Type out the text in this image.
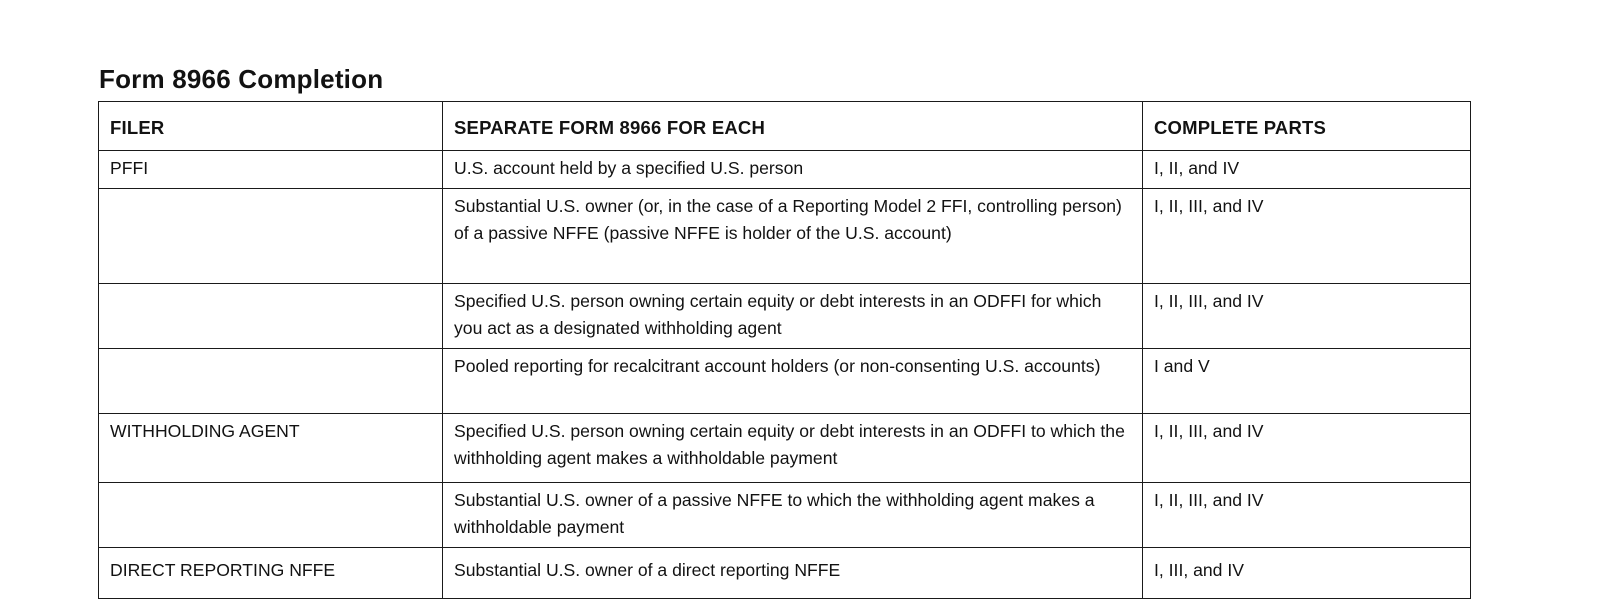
Form 8966 Completion
FILER	SEPARATE FORM 8966 FOR EACH	COMPLETE PARTS
PFFI	U.S. account held by a specified U.S. person	I, II, and IV
	Substantial U.S. owner (or, in the case of a Reporting Model 2 FFI, controlling person) of a passive NFFE (passive NFFE is holder of the U.S. account)	I, II, III, and IV
	Specified U.S. person owning certain equity or debt interests in an ODFFI for which you act as a designated withholding agent	I, II, III, and IV
	Pooled reporting for recalcitrant account holders (or non-consenting U.S. accounts)	I and V
WITHHOLDING AGENT	Specified U.S. person owning certain equity or debt interests in an ODFFI to which the withholding agent makes a withholdable payment	I, II, III, and IV
	Substantial U.S. owner of a passive NFFE to which the withholding agent makes a withholdable payment	I, II, III, and IV
DIRECT REPORTING NFFE	Substantial U.S. owner of a direct reporting NFFE	I, III, and IV
